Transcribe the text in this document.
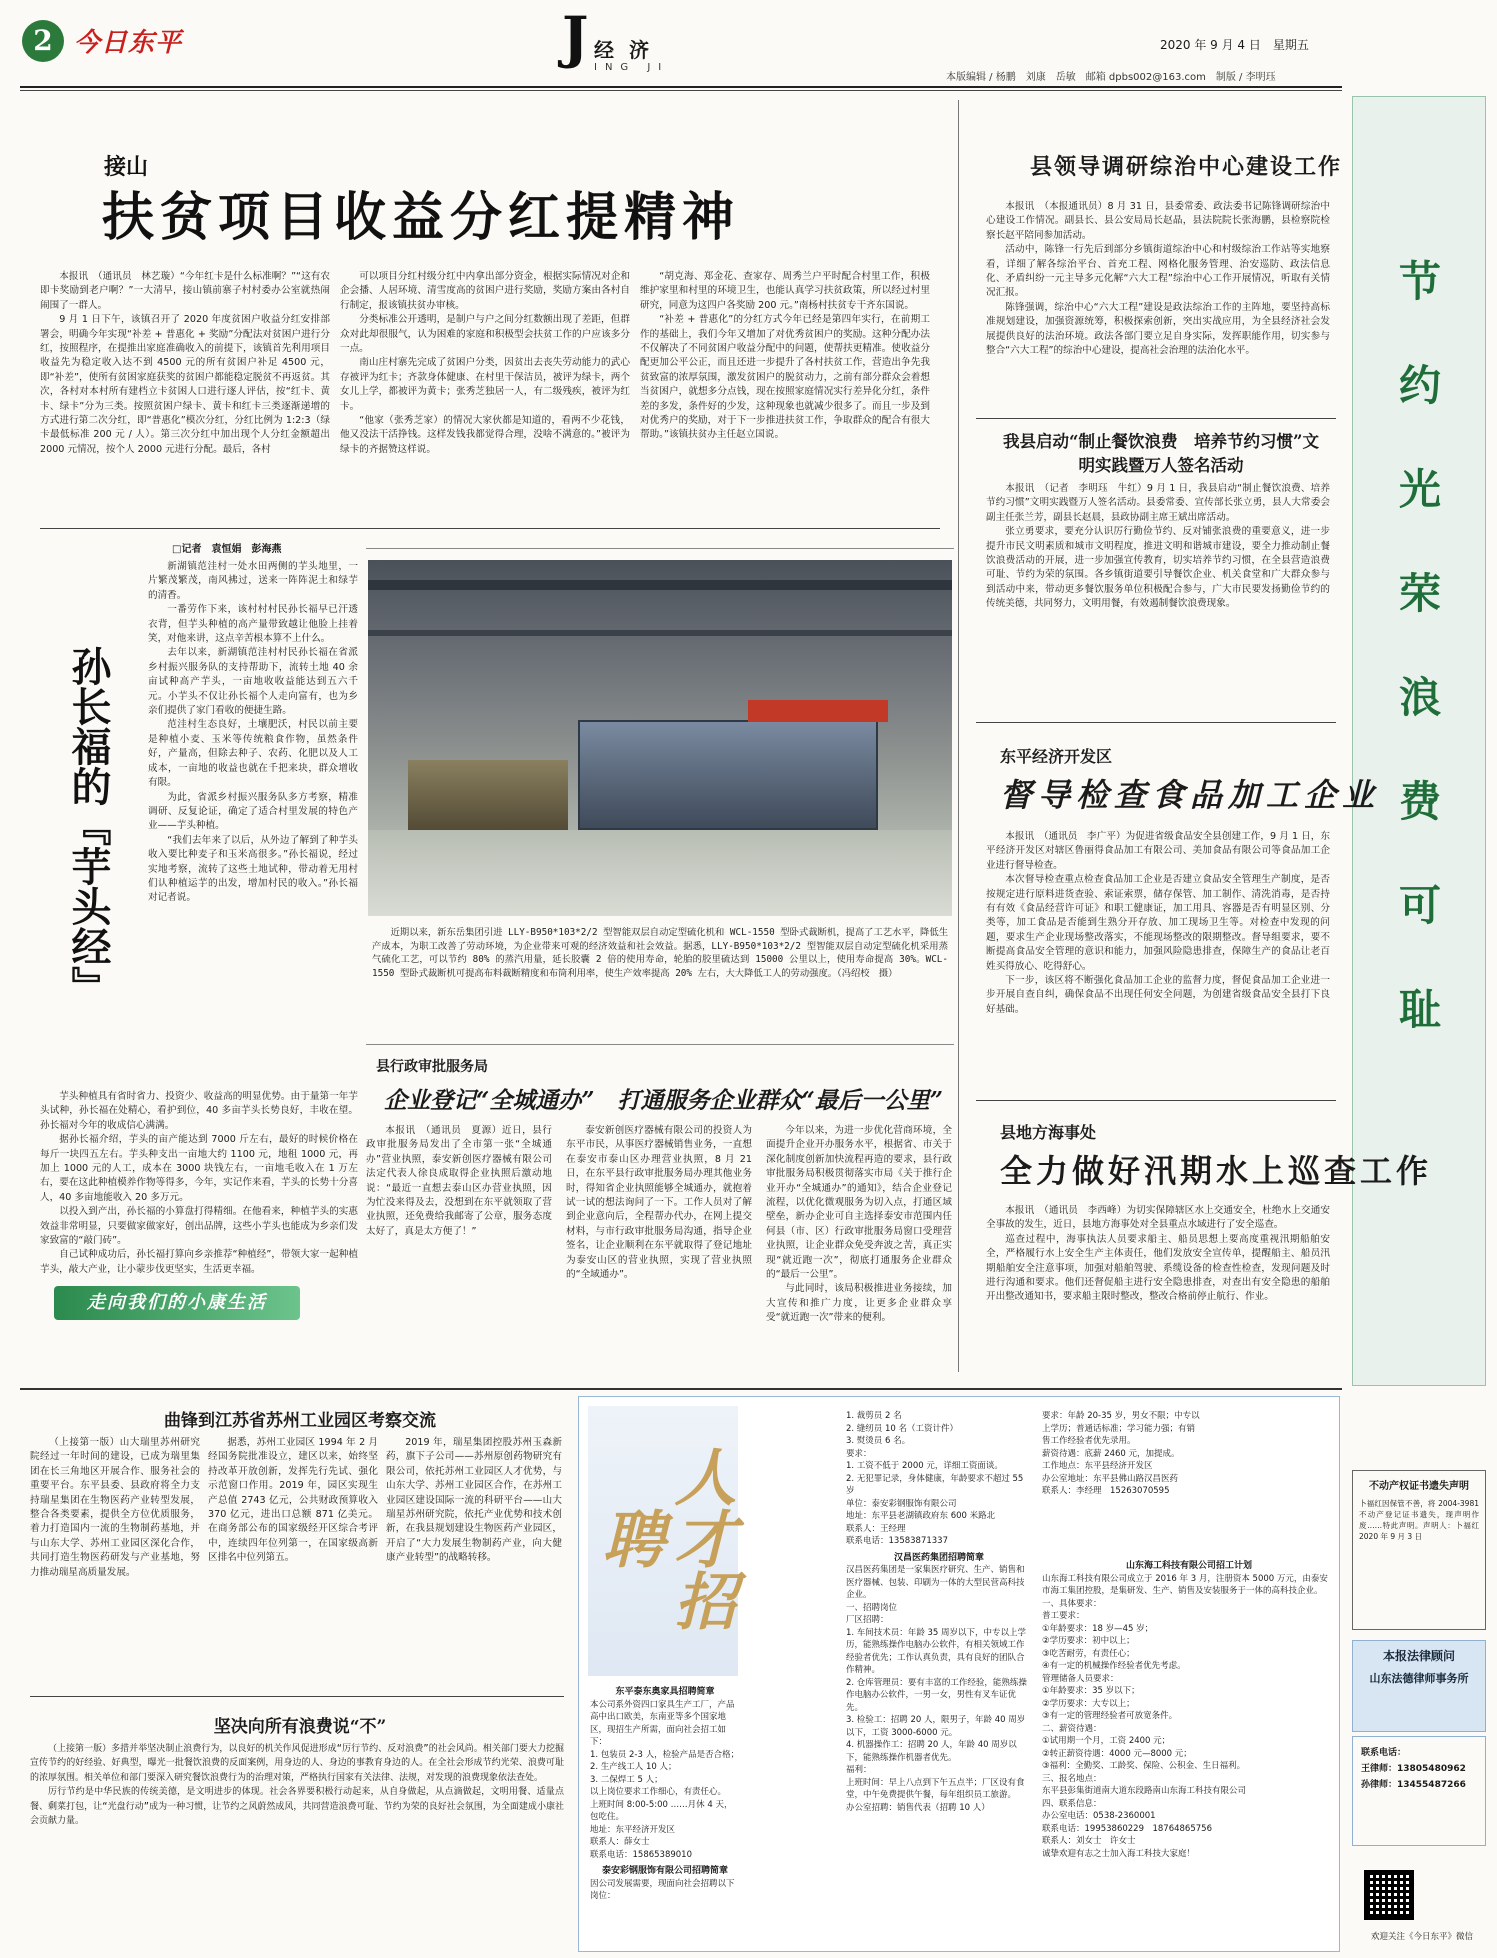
2 今日东平	J 经 济
ING JI
2020 年 9 月 4 日　星期五
本版编辑 / 杨鹏　刘康　岳敏　邮箱 dpbs002@163.com　制版 / 李明珏
节
约
光
荣
浪
费
可
耻
不动产权证书遗失声明
卜福红因保管不善，将 2004-3981 不动产登记证书遗失，现声明作废……特此声明。声明人：卜福红　2020 年 9 月 3 日
本报法律顾问
山东法德律师事务所
联系电话：
王律师：13805480962
孙律师：13455487266
欢迎关注《今日东平》微信
接山
扶贫项目收益分红提精神

本报讯　（通讯员　林艺璇）“今年红卡是什么标准啊？”“这有农即卡奖励到老户啊？”一大清早，接山镇前寨子村村委办公室就热闹闹围了一群人。

9 月 1 日下午，该镇召开了 2020 年度贫困户收益分红安排部署会，明确今年实现“补差 + 普惠化 + 奖励”分配法对贫困户进行分红，按照程序，在提推出家庭准确收入的前提下，该镇首先利用项目收益先为稳定收入达不到 4500 元的所有贫困户补足 4500 元，即“补差”，使所有贫困家庭获奖的贫困户都能稳定脱贫不再返贫。其次，各村对本村所有建档立卡贫困人口进行逐人评估，按“红卡、黄卡、绿卡”分为三类。按照贫困户绿卡、黄卡和红卡三类逐渐递增的方式进行第二次分红，即“普惠化”模次分红，分红比例为 1:2:3（绿卡最低标准 200 元 / 人）。第三次分红中加出现个人分红金额超出 2000 元情况，按个人 2000 元进行分配。最后，各村

可以项目分红村级分红中内拿出部分资金，根据实际情况对企和企会播、人居环境、清雪度高的贫困户进行奖励，奖励方案由各村自行制定，报该镇扶贫办审核。

分类标准公开透明，是制户与户之间分红数额出现了差距，但群众对此却很服气，认为困难的家庭和积极型会扶贫工作的户应该多分一点。

南山庄村寨先完成了贫困户分类，因贫出去丧失劳动能力的武心存被评为红卡；齐款身体健康、在村里干保洁员，被评为绿卡，两个女儿上学，都被评为黄卡；张秀芝独居一人，有二级残疾，被评为红卡。

“他家（张秀芝家）的情况大家伙都是知道的，看两不少花钱，他又没法干活挣钱。这样发钱我都觉得合理，没啥不满意的。”被评为绿卡的齐据赞这样说。

“胡克海、郑金花、查家存、周秀兰户平时配合村里工作，积极维护家里和村里的环境卫生，也能认真学习扶贫政策，所以经过村里研究，同意为这四户各奖励 200 元。”南杨村扶贫专干齐东国说。

“补差 + 普惠化”的分红方式今年已经是第四年实行，在前期工作的基础上，我们今年又增加了对优秀贫困户的奖励。这种分配办法不仅解决了不同贫困户收益分配中的问题，使帮扶更精准。使收益分配更加公平公正，而且还进一步提升了各村扶贫工作，营造出争先我贫致富的浓厚氛围，激发贫困户的脱贫动力，之前有部分群众会着想当贫困户，就想多分点钱，现在按照家庭情况实行差异化分红，条件差的多发，条件好的少发，这种现象也就减少很多了。而且一步及到对优秀户的奖励，对于下一步推进扶贫工作，争取群众的配合有很大帮助。”该镇扶贫办主任赵立国说。

□记者　袁恒娟　彭海燕
孙长福的『芋头经』

新湖镇范洼村一处水田两侧的芋头地里，一片繁茂繁茂，南风拂过，送来一阵阵泥土和绿芋的清香。

一番劳作下来，该村村村民孙长福早已汗透衣背，但芋头种植的高产量带致越让他脸上挂着笑，对他来讲，这点辛苦根本算不上什么。

去年以来，新湖镇范洼村村民孙长福在省派乡村振兴服务队的支持帮助下，流转土地 40 余亩试种高产芋头，一亩地收收益能达到五六千元。小芋头不仅让孙长福个人走向富有，也为乡亲们提供了家门看收的便捷生路。

范洼村生态良好，土壤肥沃，村民以前主要是种植小麦、玉米等传统粮食作物，虽然条件好，产量高，但除去种子、农药、化肥以及人工成本，一亩地的收益也就在千把来块，群众增收有限。

为此，省派乡村振兴服务队多方考察，精准调研、反复论证，确定了适合村里发展的特色产业——芋头种植。

“我们去年来了以后，从外边了解到了种芋头收入要比种麦子和玉米高很多。”孙长福说，经过实地考察，流转了这些土地试种，带动着无用村们认种植运芋的出发，增加村民的收入。”孙长福对记者说。

芋头种植具有省时省力、投资少、收益高的明显优势。由于量第一年芋头试种，孙长福在处精心，看护到位，40 多亩芋头长势良好，丰收在望。孙长福对今年的收成信心满满。

据孙长福介绍，芋头的亩产能达到 7000 斤左右，最好的时候价格在每斤一块四五左右。芋头种支出一亩地大约 1100 元，地租 1000 元，再加上 1000 元的人工，成本在 3000 块钱左右，一亩地毛收入在 1 万左右，要在这此种植模养作物等得多，今年，实记作来看，芋头的长势十分喜人，40 多亩地能收入 20 多万元。

以投入到产出，孙长福的小算盘打得精细。在他看来，种植芋头的实惠效益非常明显，只要做家做家好，创出品牌，这些小芋头也能成为乡亲们发家致富的“敲门砖”。

自己试种成功后，孙长福打算向乡亲推荐“种植经”，带领大家一起种植芋头，敲大产业，让小蒙步伐更坚实，生活更幸福。

走向我们的小康生活
近期以来，新东岳集团引进 LLY-B950*103*2/2 型智能双层自动定型硫化机和 WCL-1550 型卧式裁断机，提高了工艺水平，降低生产成本，为职工改善了劳动环境，为企业带来可观的经济效益和社会效益。据悉，LLY-B950*103*2/2 型智能双层自动定型硫化机采用蒸气硫化工艺，可以节约 80% 的蒸汽用量，延长胶囊 2 倍的使用寿命，轮胎的胶里硫达到 15000 公里以上，使用寿命提高 30%。WCL-1550 型卧式裁断机可提高布料裁断精度和布筒利用率，使生产效率提高 20% 左右，大大降低工人的劳动强度。（冯绍校　摄）
县行政审批服务局
企业登记“全城通办”　打通服务企业群众“最后一公里”

本报讯　（通讯员　夏源）近日，县行政审批服务局发出了全市第一张“全城通办”营业执照，泰安新创医疗器械有限公司法定代表人徐良成取得企业执照后激动地说：“最近一直想去泰山区办营业执照，因为忙没来得及去，没想到在东平就领取了营业执照，还免费给我邮寄了公章，服务态度太好了，真是太方便了！”

泰安新创医疗器械有限公司的投资人为东平市民，从事医疗器械销售业务，一直想在泰安市泰山区办理营业执照，8 月 21 日，在东平县行政审批服务局办理其他业务时，得知省企业执照能够全城通办，就抱着试一试的想法询问了一下。工作人员对了解到企业意向后，全程帮办代办，在网上提交材料，与市行政审批服务局沟通，指导企业签名，让企业顺利在东平就取得了登记地址为泰安山区的营业执照，实现了营业执照的“全域通办”。

今年以来，为进一步优化营商环境，全面提升企业开办服务水平，根据省、市关于深化制度创新加快流程再造的要求，县行政审批服务局积极贯彻落实市局《关于推行企业开办“全城通办”的通知》，结合企业登记流程，以优化微观服务为切入点，打通区域壁垒，新办企业可自主选择泰安市范围内任何县（市、区）行政审批服务局窗口受理营业执照，让企业群众免受奔波之苦，真正实现“就近跑一次”，彻底打通服务企业群众的“最后一公里”。

与此同时，该局积极推进业务接续，加大宣传和推广力度，让更多企业群众享受“就近跑一次”带来的便利。

县领导调研综治中心建设工作

本报讯　（本报通讯员）8 月 31 日，县委常委、政法委书记陈锋调研综治中心建设工作情况。副县长、县公安局局长赵晶，县法院院长张海鹏，县检察院检察长赵平陪同参加活动。

活动中，陈锋一行先后到部分乡镇街道综治中心和村级综治工作站等实地察看，详细了解各综治平台、首充工程、网格化服务管理、治安巡防、政法信息化、矛盾纠纷一元主导多元化解“六大工程”综治中心工作开展情况，听取有关情况汇报。

陈锋强调，综治中心“六大工程”建设是政法综治工作的主阵地，要坚持高标准规划建设，加强资源统筹，积极探索创新，突出实战应用，为全县经济社会发展提供良好的法治环境。政法各部门要立足自身实际，发挥职能作用，切实参与整合“六大工程”的综治中心建设，提高社会治理的法治化水平。

我县启动“制止餐饮浪费　培养节约习惯”文明实践暨万人签名活动

本报讯　（记者　李明珏　牛红）9 月 1 日，我县启动“制止餐饮浪费、培养节约习惯”文明实践暨万人签名活动。县委常委、宣传部长张立勇，县人大常委会副主任张兰芳，副县长赵晨，县政协副主席王斌出席活动。

张立勇要求，要充分认识厉行勤俭节约、反对铺张浪费的重要意义，进一步提升市民文明素质和城市文明程度，推进文明和谐城市建设，要全力推动制止餐饮浪费活动的开展，进一步加强宣传教育，切实培养节约习惯，在全县营造浪费可耻、节约为荣的氛围。各乡镇街道要引导餐饮企业、机关食堂和广大群众参与到活动中来，带动更多餐饮服务单位积极配合参与，广大市民要发扬勤俭节约的传统美德，共同努力，文明用餐，有效遏制餐饮浪费现象。

东平经济开发区
督导检查食品加工企业

本报讯　（通讯员　李广平）为促进省级食品安全县创建工作，9 月 1 日，东平经济开发区对辖区鲁丽得食品加工有限公司、美加食品有限公司等食品加工企业进行督导检查。

本次督导检查重点检查食品加工企业是否建立食品安全管理生产制度，是否按规定进行原料进货查验、索证索票，储存保管、加工制作、清洗消毒，是否持有有效《食品经营许可证》和职工健康证，加工用具、容器是否有明显区别、分类等，加工食品是否能到生熟分开存放、加工现场卫生等。对检查中发现的问题，要求生产企业现场整改落实，不能现场整改的限期整改。督导组要求，要不断提高食品安全管理的意识和能力，加强风险隐患排查，保障生产的食品让老百姓买得放心、吃得舒心。

下一步，该区将不断强化食品加工企业的监督力度，督促食品加工企业进一步开展自查自纠，确保食品不出现任何安全问题，为创建省级食品安全县打下良好基础。

县地方海事处
全力做好汛期水上巡查工作

本报讯　（通讯员　李西峰）为切实保障辖区水上交通安全，杜绝水上交通安全事故的发生，近日，县地方海事处对全县重点水域进行了安全巡查。

巡查过程中，海事执法人员要求船主、船员思想上要高度重视汛期船舶安全，严格履行水上安全生产主体责任，他们发放安全宣传单，提醒船主、船员汛期船舶安全注意事项，加强对船舶驾驶、系缆设备的检查性检查，发现问题及时进行沟通和要求。他们还督促船主进行安全隐患排查，对查出有安全隐患的船舶开出整改通知书，要求船主限时整改，整改合格前停止航行、作业。

曲锋到江苏省苏州工业园区考察交流

（上接第一版）山大瑞里苏州研究院经过一年时间的建设，已成为瑞里集团在长三角地区开展合作、服务社会的重要平台。东平县委、县政府将全力支持瑞星集团在生物医药产业转型发展，整合各类要素，提供全方位优质服务，着力打造国内一流的生物制药基地，并与山东大学、苏州工业园区深化合作，共同打造生物医药研发与产业基地，努力推动瑞星高质量发展。

据悉，苏州工业园区 1994 年 2 月经国务院批准设立，建区以来，始终坚持改革开放创新，发挥先行先试、强化示范窗口作用。2019 年，园区实现生产总值 2743 亿元，公共财政预算收入 370 亿元，进出口总额 871 亿美元。在商务部公布的国家级经开区综合考评中，连续四年位列第一，在国家级高新区排名中位列第五。

2019 年，瑞星集团控股苏州玉森新药，旗下子公司——苏州原创药物研究有限公司，依托苏州工业园区人才优势，与山东大学、苏州工业园区合作，在苏州工业园区建设国际一流的科研平台——山大瑞星苏州研究院，依托产业优势和技术创新，在我县规划建设生物医药产业园区，开启了“大力发展生物制药产业，向大健康产业转型”的战略转移。

坚决向所有浪费说“不”

（上接第一版）多措并举坚决制止浪费行为，以良好的机关作风促进形成“厉行节约、反对浪费”的社会风尚。相关部门要大力挖掘宣传节约的好经验、好典型，曝光一批餐饮浪费的反面案例，用身边的人、身边的事教育身边的人。在全社会形成节约光荣、浪费可耻的浓厚氛围。相关单位和部门要深入研究餐饮浪费行为的治理对策，严格执行国家有关法律、法规，对发现的浪费现象依法查处。

厉行节约是中华民族的传统美德，是文明进步的体现。社会各界要积极行动起来，从自身做起，从点滴做起，文明用餐、适量点餐、剩菜打包，让“光盘行动”成为一种习惯，让节约之风蔚然成风，共同营造浪费可耻、节约为荣的良好社会氛围，为全面建成小康社会贡献力量。

人才招聘
东平泰东奥家具招聘简章
本公司系外资四口家具生产工厂，产品高中出口欧美，东南亚等多个国家地区，现招生产所需，面向社会招工如下：
1. 包装员 2-3 人，检验产品是否合格；
2. 生产线工人 10 人；
3. 二保焊工 5 人；
以上岗位要求工作细心，有责任心。
上班时间 8:00-5:00 ……月休 4 天，包吃住。
地址：东平经济开发区
联系人：薛女士
联系电话：15865389010
泰安彩钢服饰有限公司招聘简章
因公司发展需要，现面向社会招聘以下岗位：
1. 裁剪员 2 名
2. 缝纫员 10 名（工资计件）
3. 熨烫员 6 名。
要求：
1. 工资不低于 2000 元，详细工资面谈。
2. 无犯罪记录，身体健康，年龄要求不超过 55 岁
单位：泰安彩钢服饰有限公司
地址：东平县老湖镇政府东 600 米路北
联系人：王经理
联系电话：13583871337
汉昌医药集团招聘简章
汉昌医药集团是一家集医疗研究、生产、销售和医疗器械、包装、印刷为一体的大型民营高科技企业。
一、招聘岗位
厂区招聘：
1. 车间技术员：年龄 35 周岁以下，中专以上学历，能熟练操作电脑办公软件，有相关领域工作经验者优先；工作认真负责，具有良好的团队合作精神。
2. 仓库管理员：要有丰富的工作经验，能熟练操作电脑办公软件，一男一女，男性有叉车证优先。
3. 检验工：招聘 20 人，限男子，年龄 40 周岁以下，工资 3000-6000 元。
4. 机器操作工：招聘 20 人，年龄 40 周岁以下，能熟练操作机器者优先。
福利：
上班时间：早上八点到下午五点半；厂区设有食堂，中午免费提供午餐，每年组织员工旅游。
办公室招聘：销售代表（招聘 10 人）
要求：年龄 20-35 岁，男女不限；中专以上学历；普通话标准；学习能力强；有销售工作经验者优先录用。
薪资待遇：底薪 2460 元，加提成。
工作地点：东平县经济开发区
办公室地址：东平县佛山路汉昌医药
联系人：李经理　15263070595
山东海工科技有限公司招工计划
山东海工科技有限公司成立于 2016 年 3 月，注册资本 5000 万元，由泰安市海工集团控股，是集研发、生产、销售及安装服务于一体的高科技企业。
一、具体要求：
普工要求：
①年龄要求：18 岁—45 岁；
②学历要求：初中以上；
③吃苦耐劳，有责任心；
④有一定的机械操作经验者优先考虑。
管理储备人员要求：
①年龄要求：35 岁以下；
②学历要求：大专以上；
③有一定的管理经验者可放宽条件。
二、薪资待遇：
①试用期一个月，工资 2400 元；
②转正薪资待遇：4000 元—8000 元；
③福利：全勤奖、工龄奖、保险、公积金、生日福利。
三、报名地点：
东平县彭集街道南大道东段路南山东海工科技有限公司
四、联系信息：
办公室电话：0538-2360001
联系电话：19953860229　18764865756
联系人：刘女士　许女士
诚挚欢迎有志之士加入海工科技大家庭！
